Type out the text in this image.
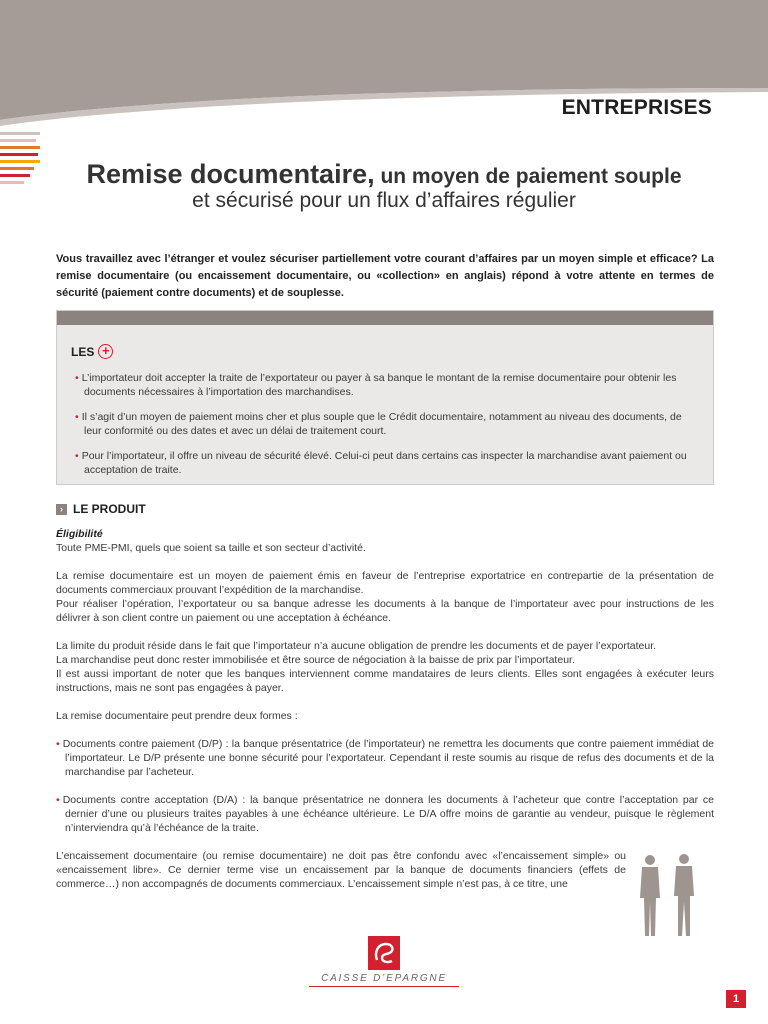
ENTREPRISES
Remise documentaire, un moyen de paiement souple
et sécurisé pour un flux d’affaires régulier

Vous travaillez avec l’étranger et voulez sécuriser partiellement votre courant d’affaires par un moyen simple et efficace? La remise documentaire (ou encaissement documentaire, ou «collection» en anglais) répond à votre attente en termes de sécurité (paiement contre documents) et de souplesse.

LES +
• L’importateur doit accepter la traite de l’exportateur ou payer à sa banque le montant de la remise documentaire pour obtenir les documents nécessaires à l’importation des marchandises.
• Il s’agit d’un moyen de paiement moins cher et plus souple que le Crédit documentaire, notamment au niveau des documents, de leur conformité ou des dates et avec un délai de traitement court.
• Pour l’importateur, il offre un niveau de sécurité élevé. Celui-ci peut dans certains cas inspecter la marchandise avant paiement ou acceptation de traite.
› LE PRODUIT

Éligibilité

Toute PME-PMI, quels que soient sa taille et son secteur d’activité.

La remise documentaire est un moyen de paiement émis en faveur de l’entreprise exportatrice en contrepartie de la présentation de documents commerciaux prouvant l’expédition de la marchandise.

Pour réaliser l’opération, l’exportateur ou sa banque adresse les documents à la banque de l’importateur avec pour instructions de les délivrer à son client contre un paiement ou une acceptation à échéance.

La limite du produit réside dans le fait que l’importateur n’a aucune obligation de prendre les documents et de payer l’exportateur.

La marchandise peut donc rester immobilisée et être source de négociation à la baisse de prix par l’importateur.

Il est aussi important de noter que les banques interviennent comme mandataires de leurs clients. Elles sont engagées à exécuter leurs instructions, mais ne sont pas engagées à payer.

La remise documentaire peut prendre deux formes :

• Documents contre paiement (D/P) : la banque présentatrice (de l’importateur) ne remettra les documents que contre paiement immédiat de l’importateur. Le D/P présente une bonne sécurité pour l’exportateur. Cependant il reste soumis au risque de refus des documents et de la marchandise par l’acheteur.

• Documents contre acceptation (D/A) : la banque présentatrice ne donnera les documents à l’acheteur que contre l’acceptation par ce dernier d’une ou plusieurs traites payables à une échéance ultérieure. Le D/A offre moins de garantie au vendeur, puisque le règlement n’interviendra qu’à l’échéance de la traite.

L’encaissement documentaire (ou remise documentaire) ne doit pas être confondu avec «l’encaissement simple» ou «encaissement libre». Ce dernier terme vise un encaissement par la banque de documents financiers (effets de commerce…) non accompagnés de documents commerciaux. L’encaissement simple n’est pas, à ce titre, une

CAISSE D’EPARGNE
1
